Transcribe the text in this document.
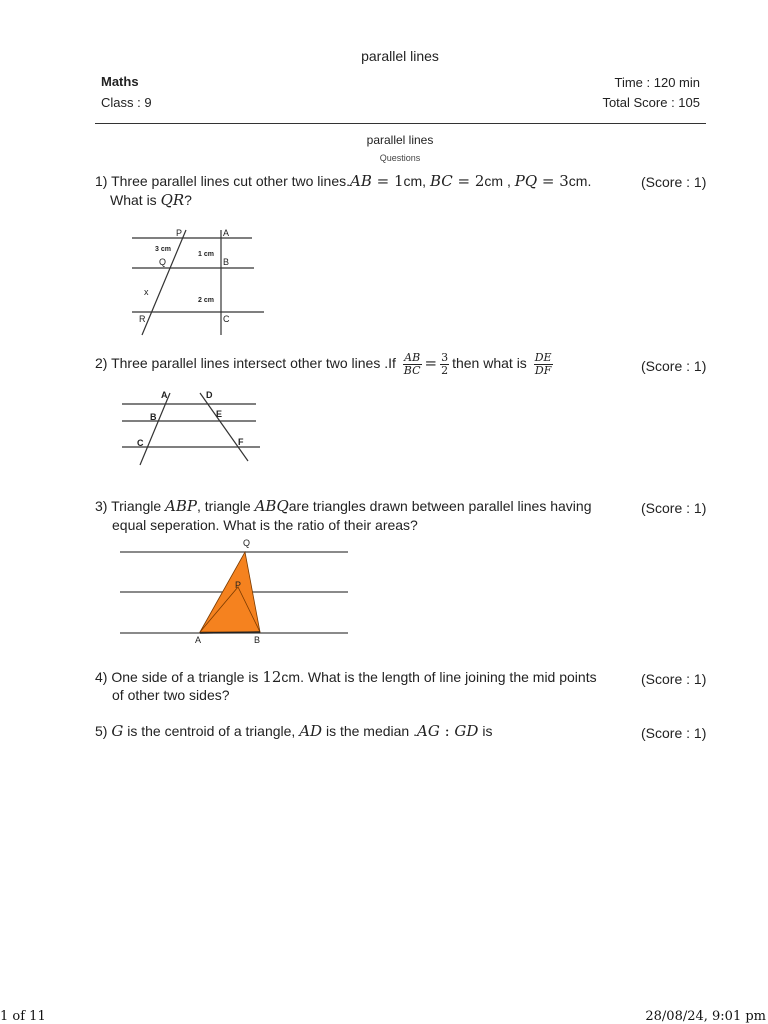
parallel lines
Maths
Class : 9
Time : 120 min
Total Score : 105
parallel lines
Questions
1) Three parallel lines cut other two lines.AB = 1cm, BC = 2cm , PQ = 3cm.
What is QR?
(Score : 1)
P	A
Q	B
R	C
x
3 cm
1 cm
2 cm
2) Three parallel lines intersect other two lines $.If \frac{AB}{BC} = \frac{3}{2}$ then what is $\frac{DE}{DF}$	(Score : 1)
A	D
B	E
C	F
3) Triangle ABP, triangle ABQare triangles drawn between parallel lines having
equal seperation. What is the ratio of their areas?
(Score : 1)
Q
P
A	B
4) One side of a triangle is 12cm. What is the length of line joining the mid points
of other two sides?
(Score : 1)
5) G is the centroid of a triangle, AD is the median .AG : GD is	(Score : 1)
1 of 11	28/08/24, 9:01 pm
